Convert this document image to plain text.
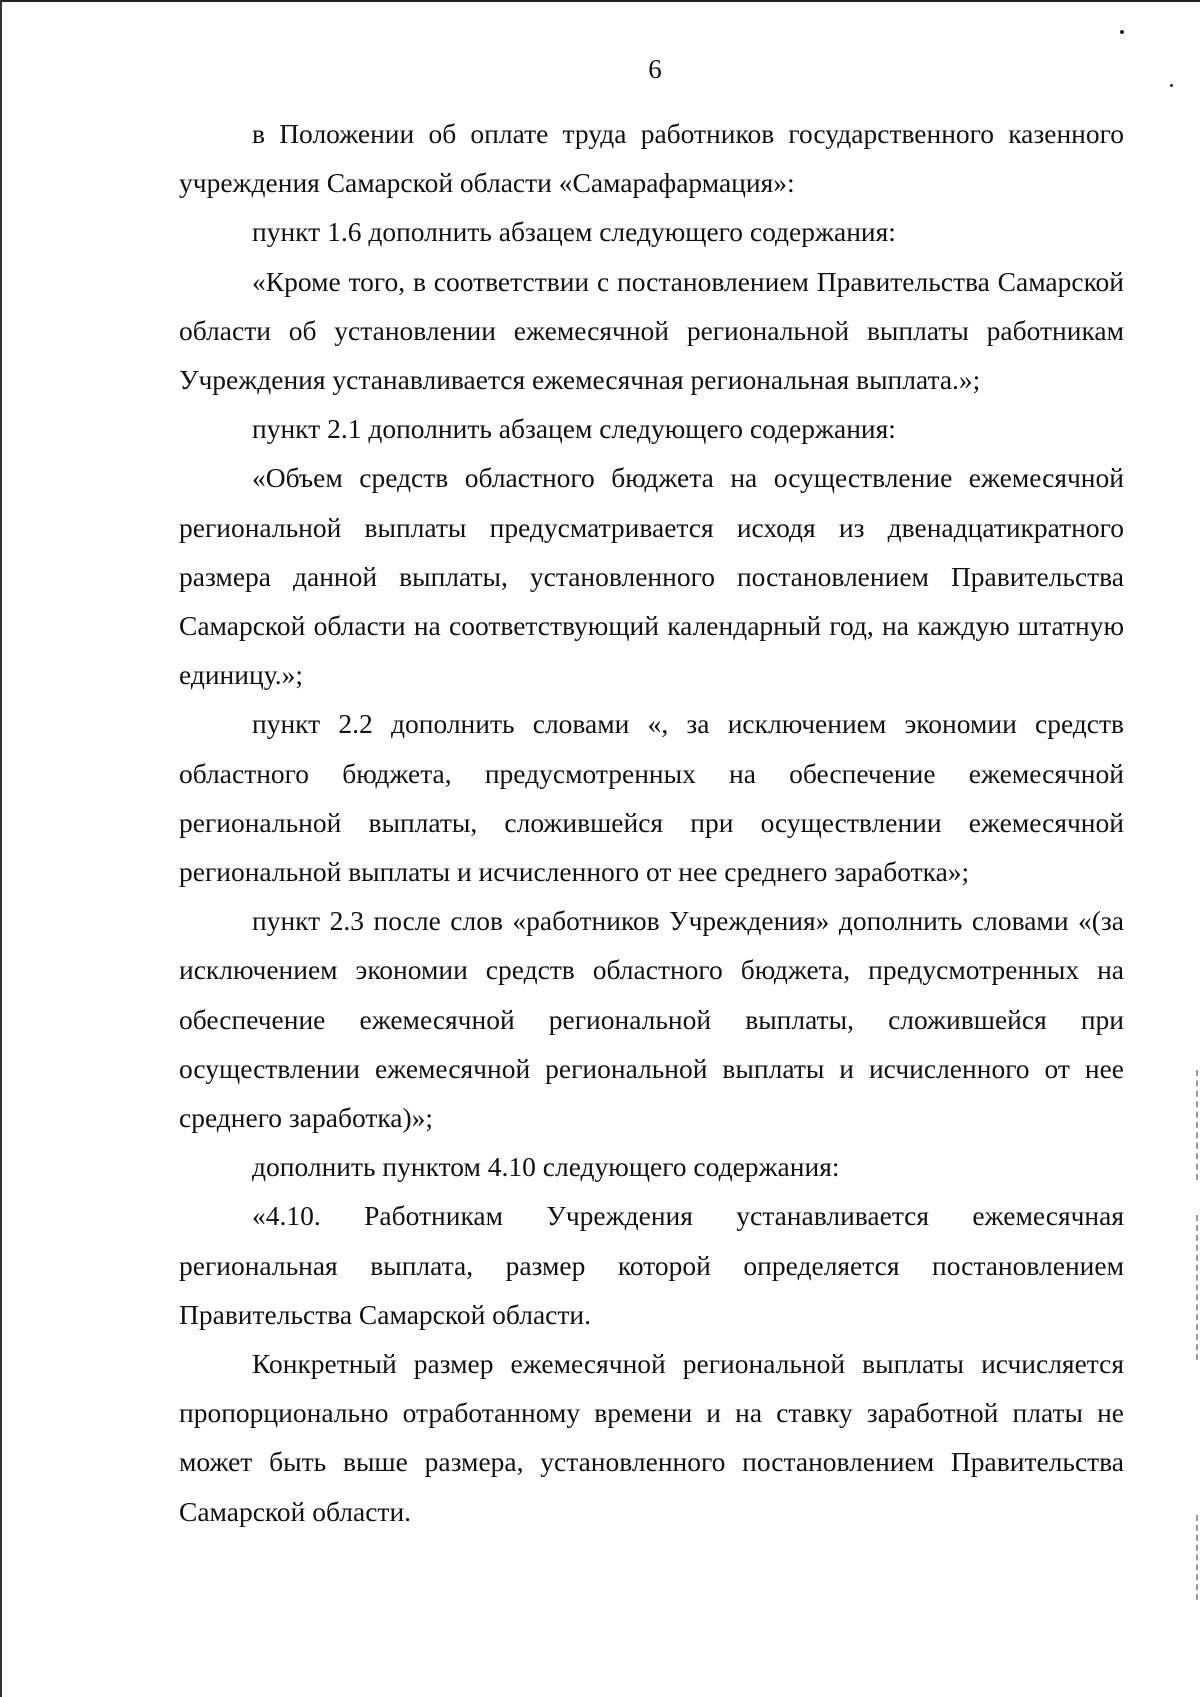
6

в Положении об оплате труда работников государственного казенного учреждения Самарской области «Самарафармация»:

пункт 1.6 дополнить абзацем следующего содержания:

«Кроме того, в соответствии с постановлением Правительства Самарской области об установлении ежемесячной региональной выплаты работникам Учреждения устанавливается ежемесячная региональная выплата.»;

пункт 2.1 дополнить абзацем следующего содержания:

«Объем средств областного бюджета на осуществление ежемесячной региональной выплаты предусматривается исходя из двенадцатикратного размера данной выплаты, установленного постановлением Правительства Самарской области на соответствующий календарный год, на каждую штатную единицу.»;

пункт 2.2 дополнить словами «, за исключением экономии средств областного бюджета, предусмотренных на обеспечение ежемесячной региональной выплаты, сложившейся при осуществлении ежемесячной региональной выплаты и исчисленного от нее среднего заработка»;

пункт 2.3 после слов «работников Учреждения» дополнить словами «(за исключением экономии средств областного бюджета, предусмотренных на обеспечение ежемесячной региональной выплаты, сложившейся при осуществлении ежемесячной региональной выплаты и исчисленного от нее среднего заработка)»;

дополнить пунктом 4.10 следующего содержания:

«4.10. Работникам Учреждения устанавливается ежемесячная региональная выплата, размер которой определяется постановлением Правительства Самарской области.

Конкретный размер ежемесячной региональной выплаты исчисляется пропорционально отработанному времени и на ставку заработной платы не может быть выше размера, установленного постановлением Правительства Самарской области.
